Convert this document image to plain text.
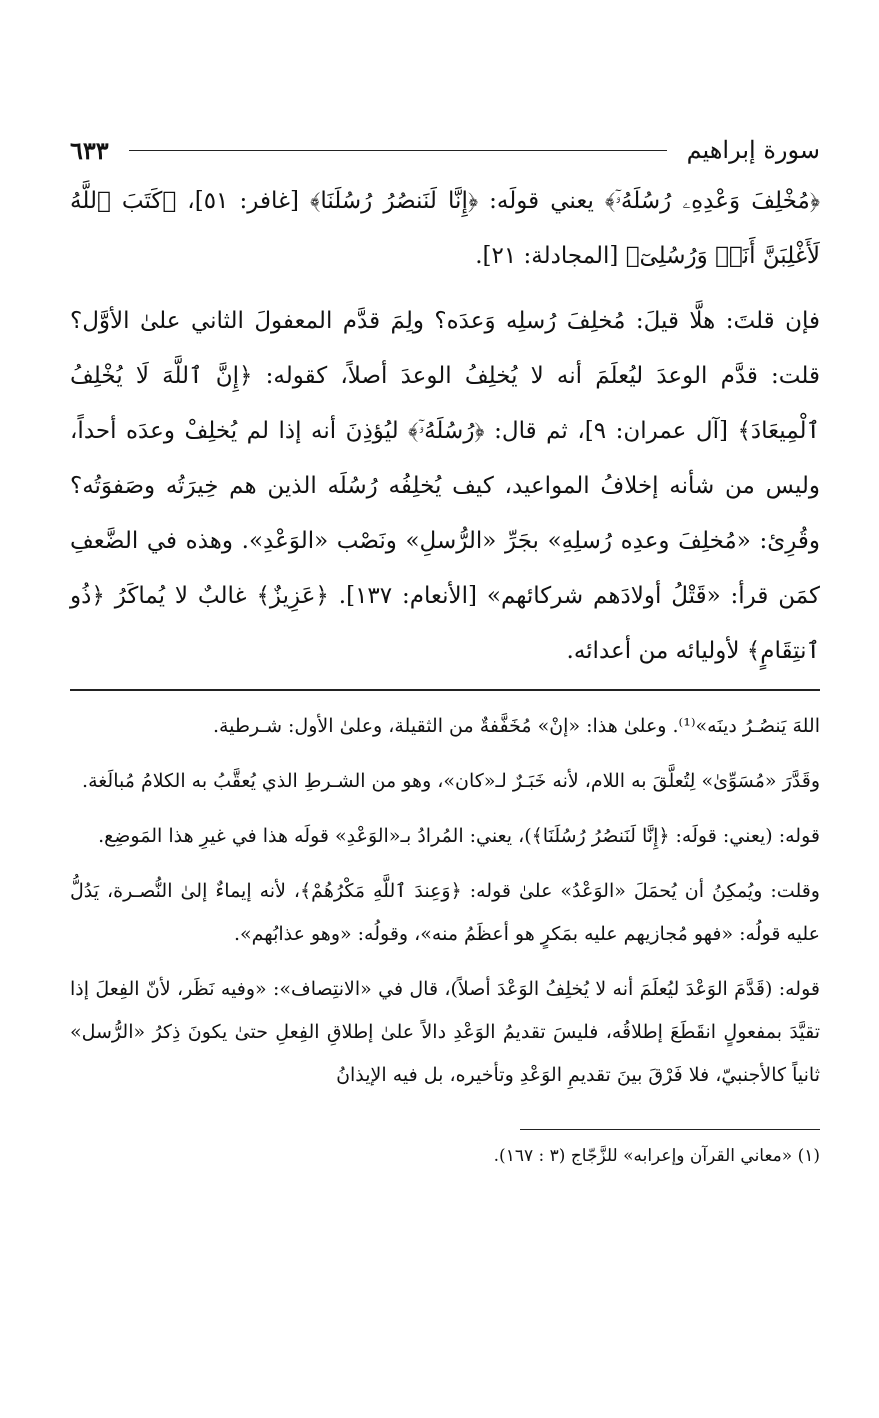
سورة إبراهيم
٦٣٣

﴿مُخْلِفَ وَعْدِهِۦ رُسُلَهُۥٓ﴾ يعني قولَه: ﴿إِنَّا لَنَنصُرُ رُسُلَنَا﴾ [غافر: ٥١]، ﴿كَتَبَ ٱللَّهُ لَأَغْلِبَنَّ أَنَا۠ وَرُسُلِىٓ﴾ [المجادلة: ٢١].

فإن قلتَ: هلَّا قيلَ: مُخلِفَ رُسلِه وَعدَه؟ ولِمَ قدَّم المعفولَ الثاني علىٰ الأوَّل؟ قلت: قدَّم الوعدَ ليُعلَمَ أنه لا يُخلِفُ الوعدَ أصلاً، كقوله: ﴿إِنَّ ٱللَّهَ لَا يُخْلِفُ ٱلْمِيعَادَ﴾ [آل عمران: ٩]، ثم قال: ﴿رُسُلَهُۥٓ﴾ ليُؤذِنَ أنه إذا لم يُخلِفْ وعدَه أحداً، وليس من شأنه إخلافُ المواعيد، كيف يُخلِفُه رُسُلَه الذين هم خِيرَتُه وصَفوَتُه؟ وقُرِئ: «مُخلِفَ وعدِه رُسلِهِ» بجَرِّ «الرُّسلِ» ونَصْب «الوَعْدِ». وهذه في الضَّعفِ كمَن قرأ: «قَتْلُ أولادَهم شركائهم» [الأنعام: ١٣٧]. ﴿عَزِيزٌ﴾ غالبٌ لا يُماكَرُ ﴿ذُو ٱنتِقَامٍ﴾ لأوليائه من أعدائه.

اللهَ يَنصُـرُ دينَه»⁽¹⁾. وعلىٰ هذا: «إنْ» مُخَفَّفةٌ من الثقيلة، وعلىٰ الأول: شـرطية.

وقَدَّرَ «مُسَوِّىٰ» لِتُعلَّقَ به اللام، لأنه خَبَـرٌ لـ«كان»، وهو من الشـرطِ الذي يُعقَّبُ به الكلامُ مُبالَغة.

قوله: (يعني: قولَه: ﴿إِنَّا لَنَنصُرُ رُسُلَنَا﴾)، يعني: المُرادُ بـ«الوَعْدِ» قولَه هذا في غيرِ هذا المَوضِع.

وقلت: ويُمكِنُ أن يُحمَلَ «الوَعْدُ» علىٰ قوله: ﴿وَعِندَ ٱللَّهِ مَكْرُهُمْ﴾، لأنه إيماءٌ إلىٰ النُّصـرة، يَدُلُّ عليه قولُه: «فهو مُجازيهم عليه بمَكرٍ هو أعظَمُ منه»، وقولُه: «وهو عذابُهم».

قوله: (قَدَّمَ الوَعْدَ ليُعلَمَ أنه لا يُخلِفُ الوَعْدَ أصلاً)، قال في «الانتِصاف»: «وفيه نَظَر، لأنّ الفِعلَ إذا تقيَّدَ بمفعولٍ انقَطَعَ إطلاقُه، فليسَ تقديمُ الوَعْدِ دالاً علىٰ إطلاقِ الفِعلِ حتىٰ يكونَ ذِكرُ «الرُّسل» ثانياً كالأجنبيّ، فلا فَرْقَ بينَ تقديمِ الوَعْدِ وتأخيره، بل فيه الإيذانُ

(١) «معاني القرآن وإعرابه» للزَّجّاج (٣ : ١٦٧).
